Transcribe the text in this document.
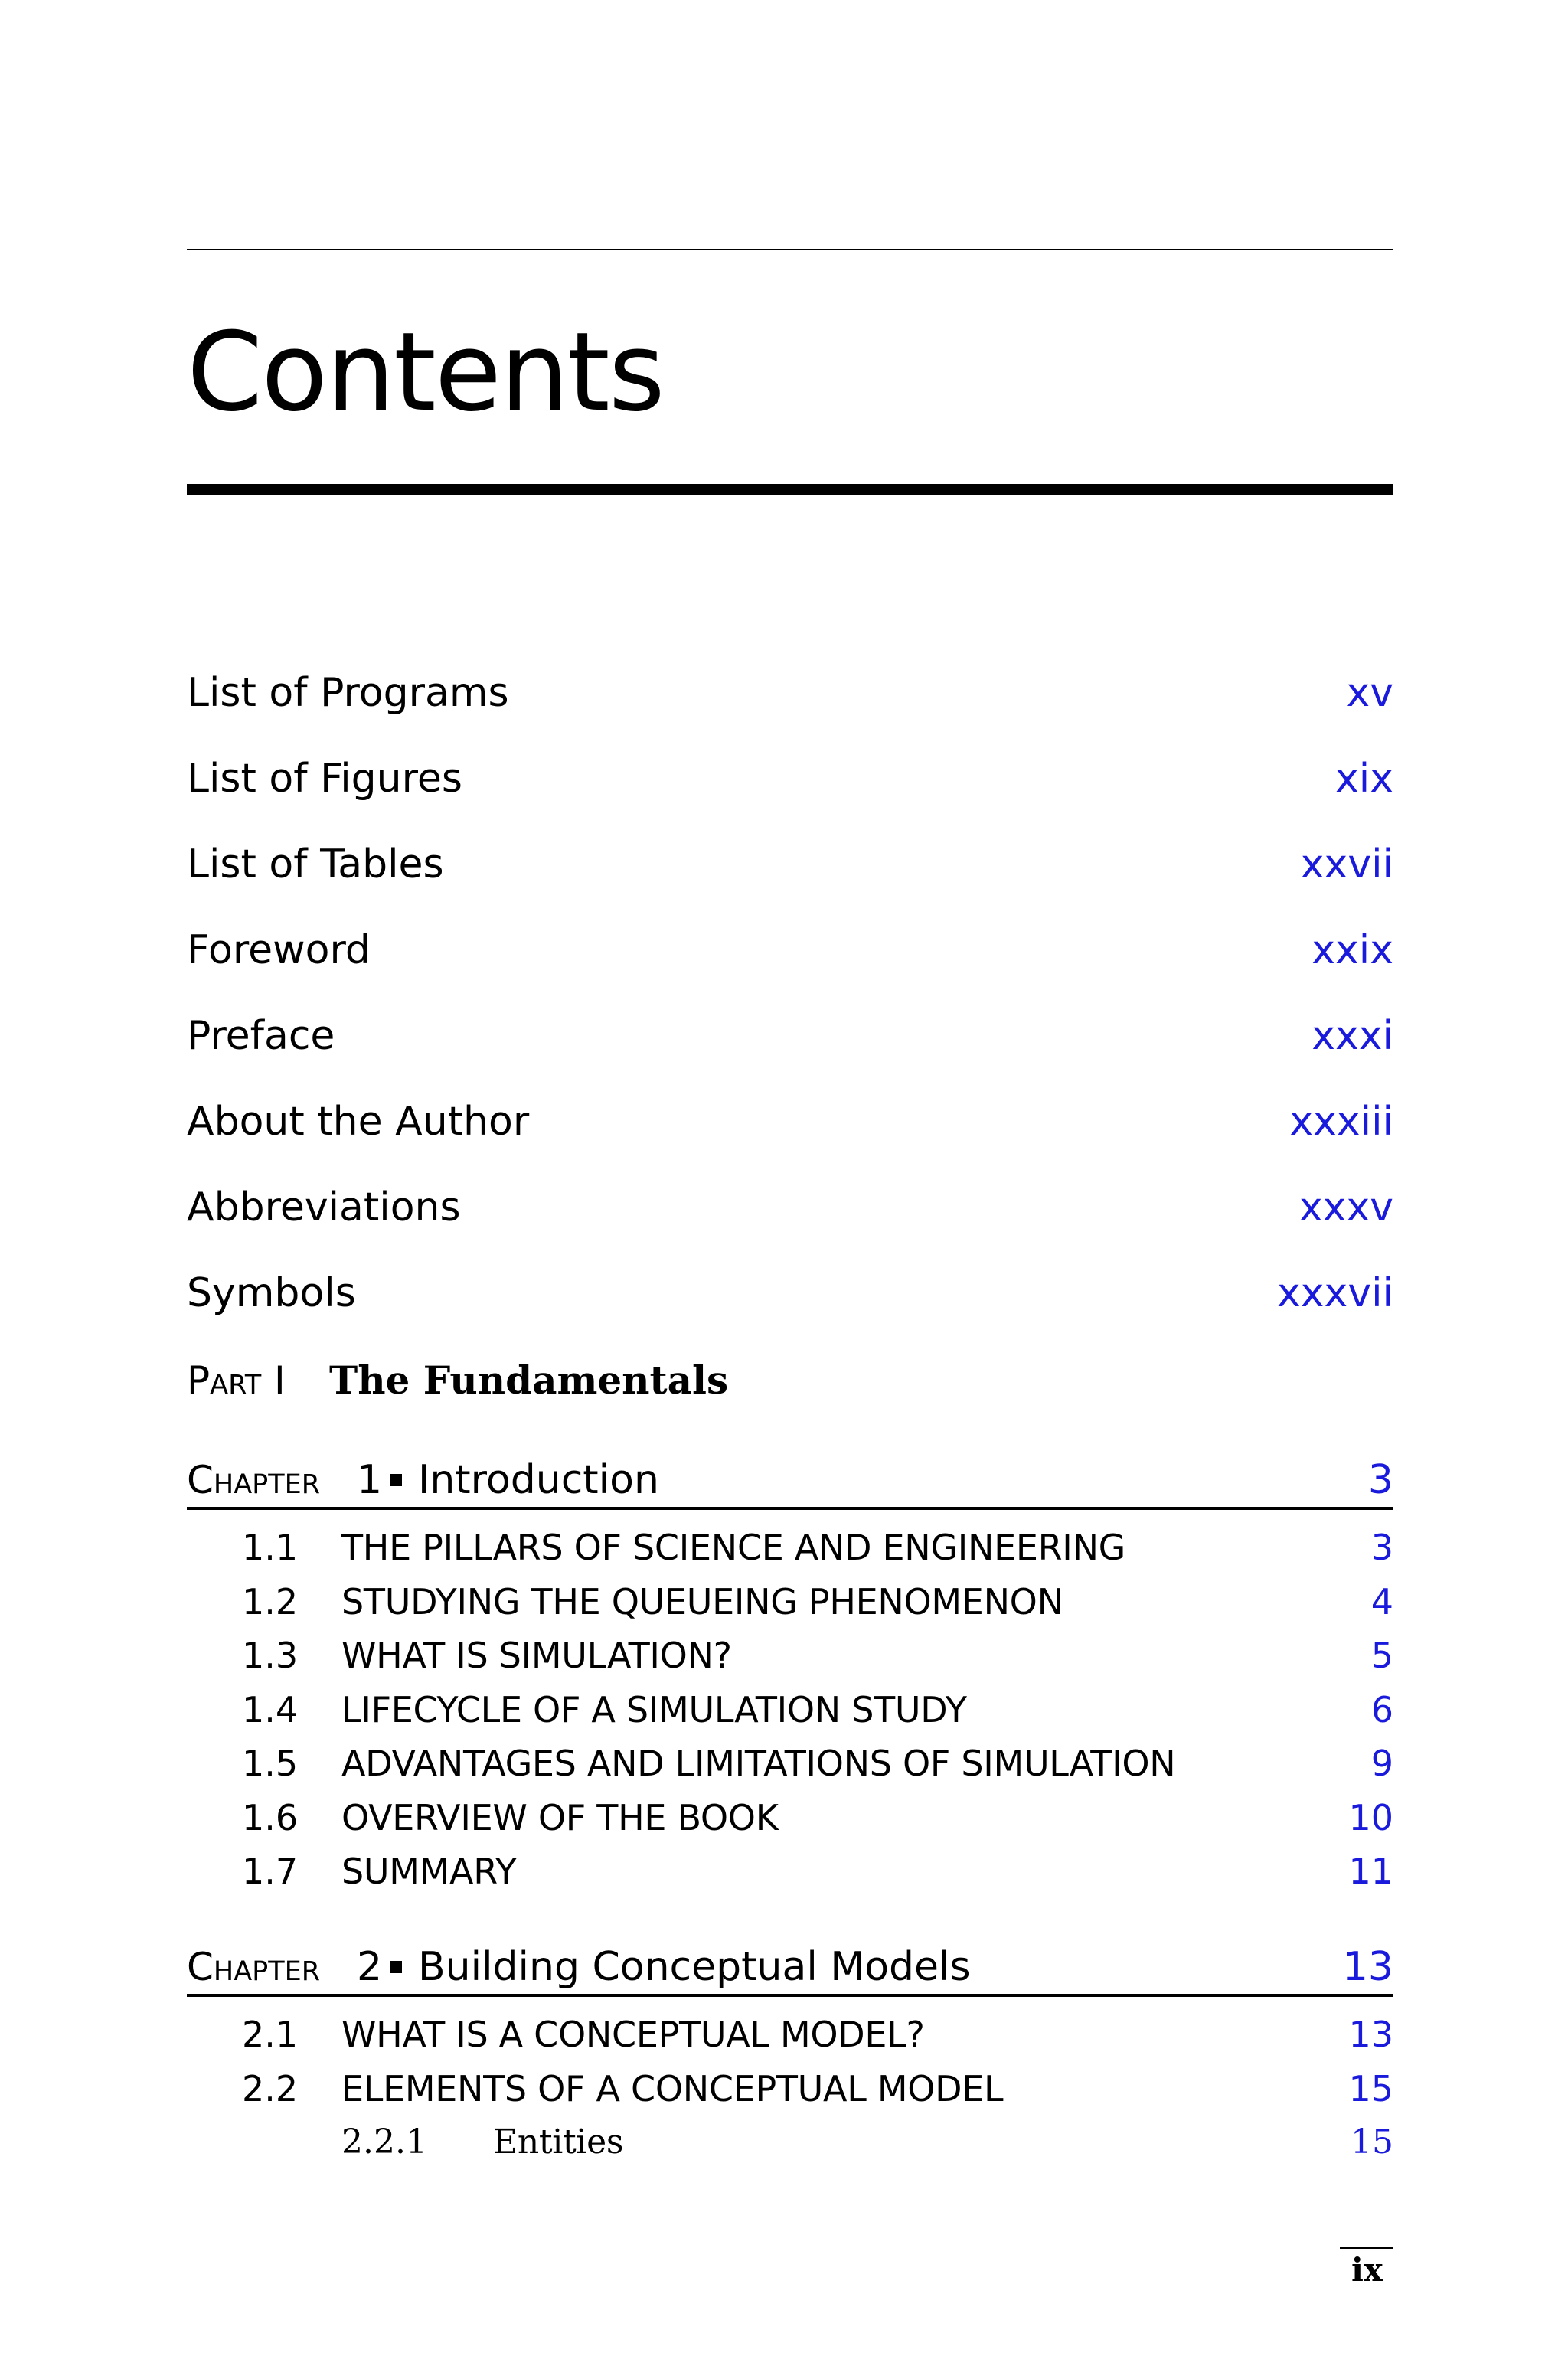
Contents
List of Programs	xv
List of Figures	xix
List of Tables	xxvii
Foreword	xxix
Preface	xxxi
About the Author	xxxiii
Abbreviations	xxxv
Symbols	xxxvii
Part I The Fundamentals
Chapter 1 Introduction	3
1.1 THE PILLARS OF SCIENCE AND ENGINEERING	3
1.2 STUDYING THE QUEUEING PHENOMENON	4
1.3 WHAT IS SIMULATION?	5
1.4 LIFECYCLE OF A SIMULATION STUDY	6
1.5 ADVANTAGES AND LIMITATIONS OF SIMULATION	9
1.6 OVERVIEW OF THE BOOK	10
1.7 SUMMARY	11
Chapter 2 Building Conceptual Models	13
2.1 WHAT IS A CONCEPTUAL MODEL?	13
2.2 ELEMENTS OF A CONCEPTUAL MODEL	15
2.2.1 Entities	15
ix
